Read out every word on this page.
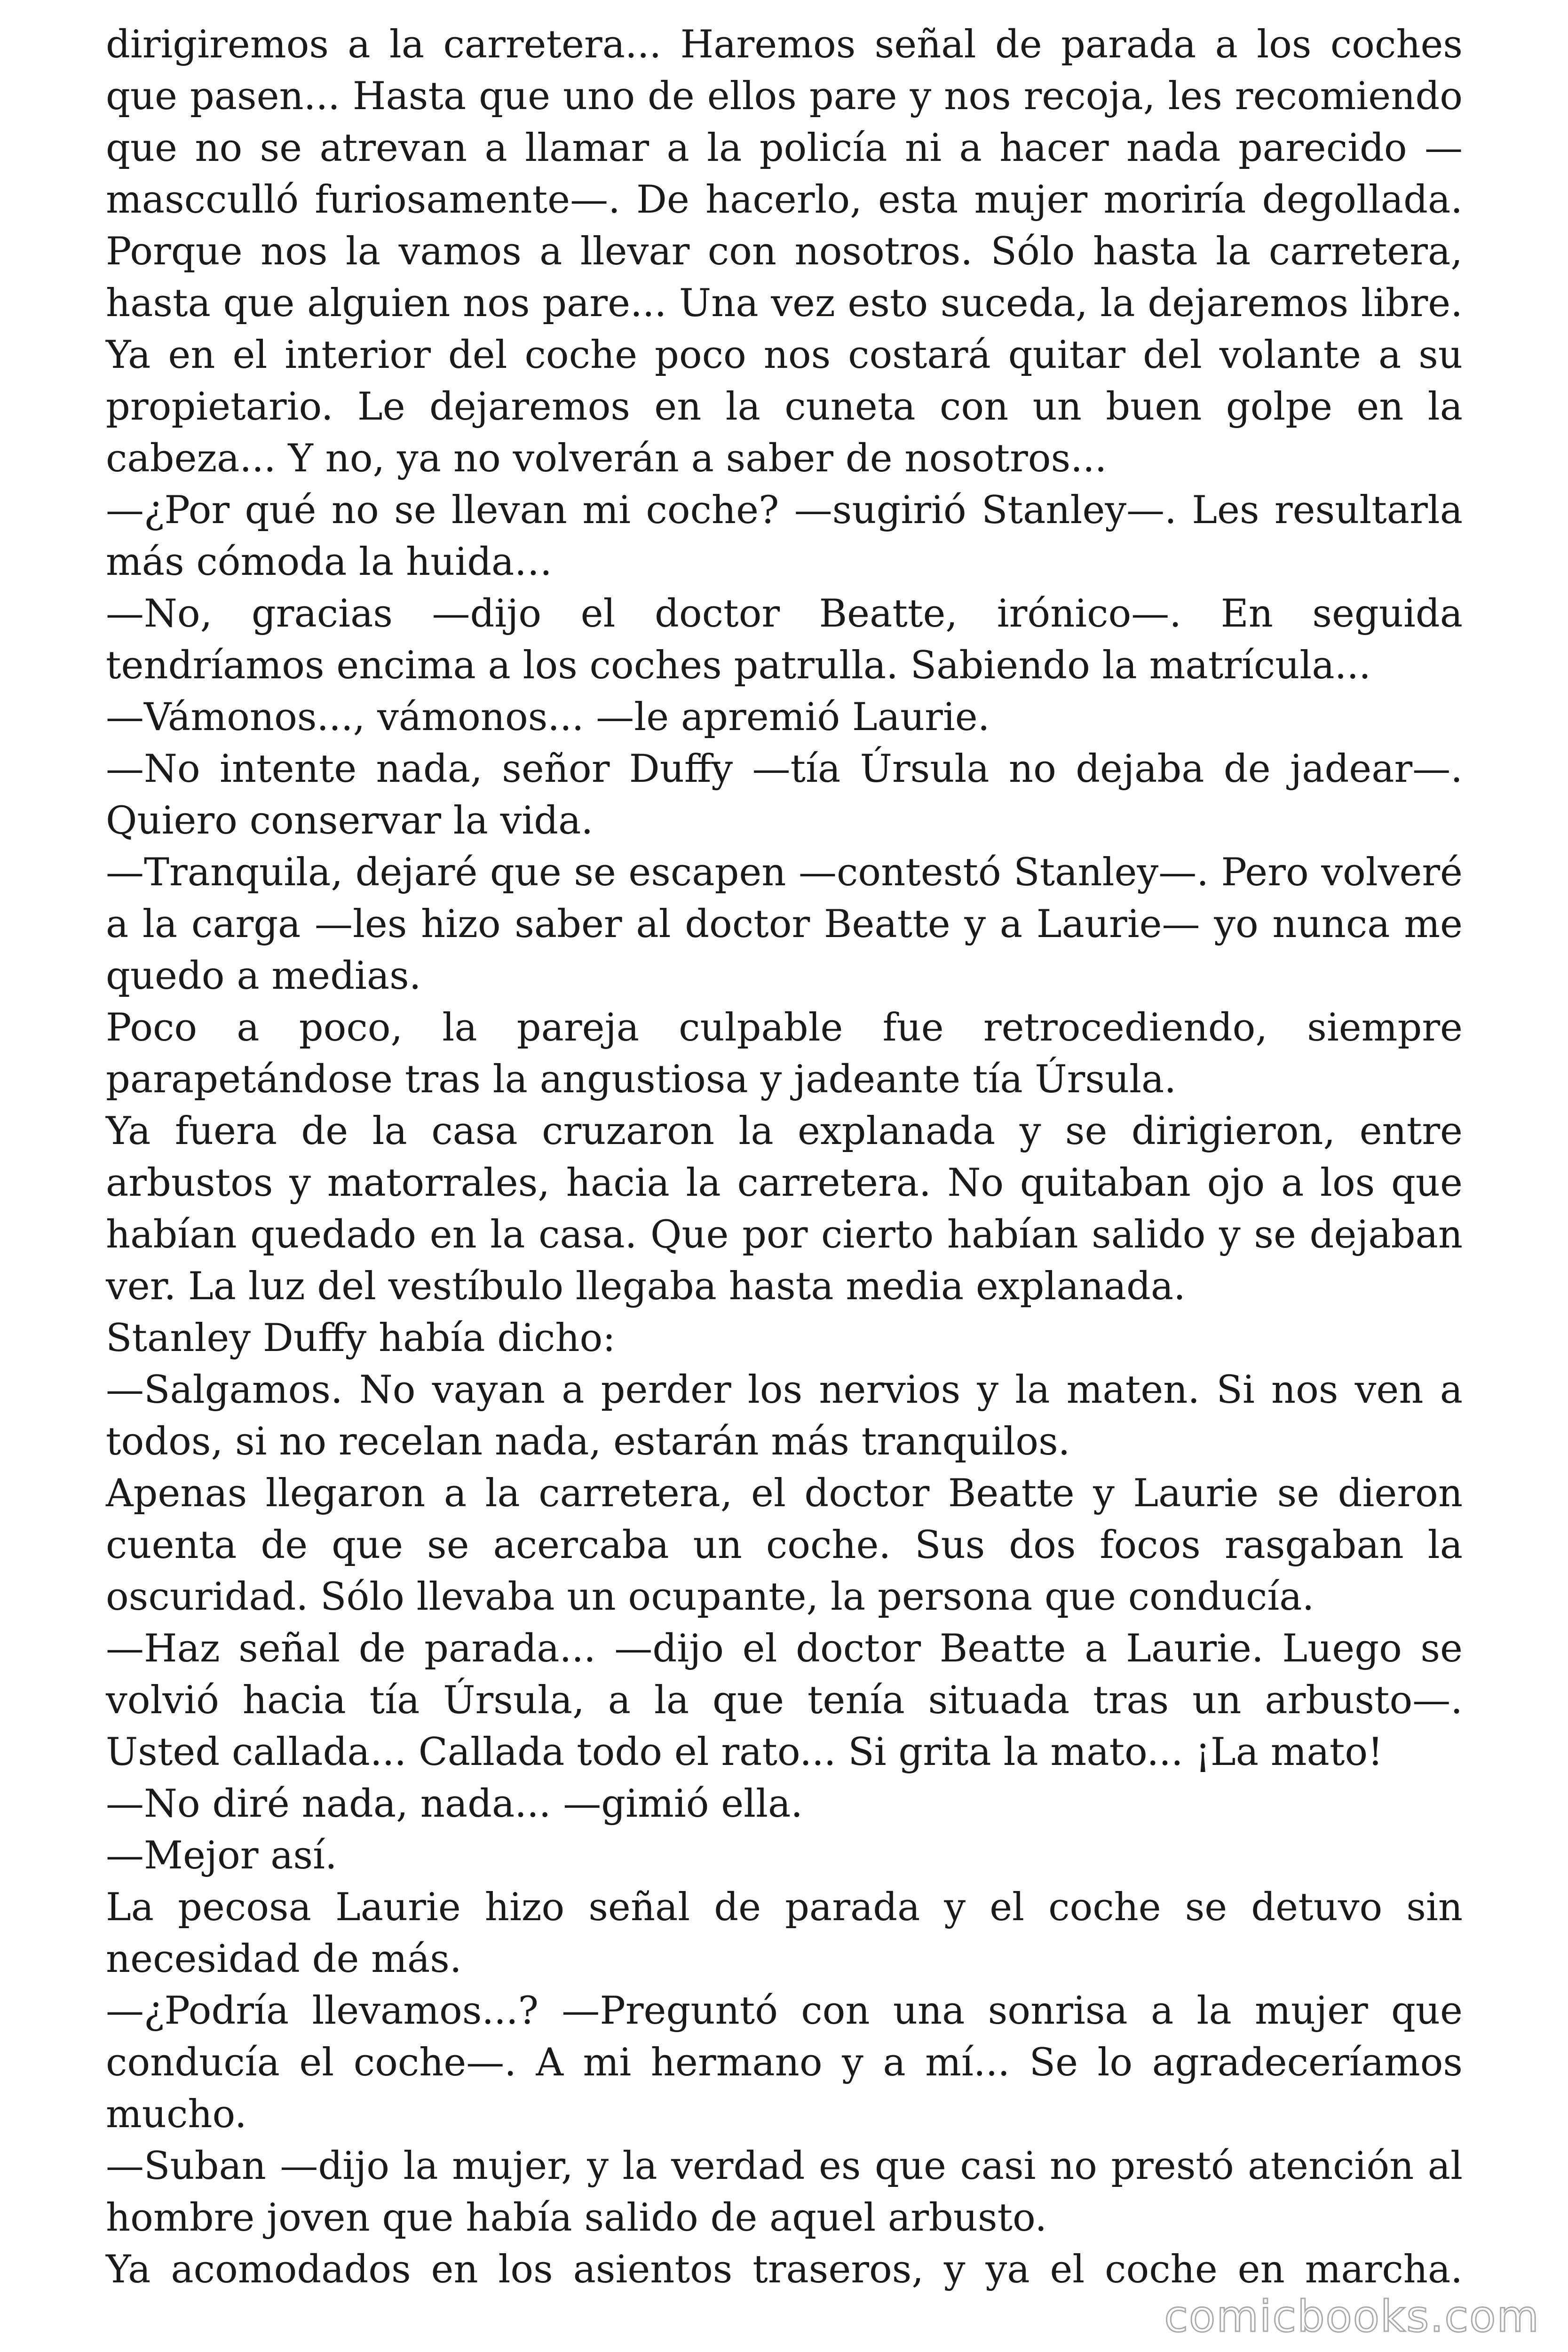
dirigiremos a la carretera... Haremos señal de parada a los coches que pasen... Hasta que uno de ellos pare y nos recoja, les recomiendo que no se atrevan a llamar a la policía ni a hacer nada parecido — mascculló furiosamente—. De hacerlo, esta mujer moriría degollada. Porque nos la vamos a llevar con nosotros. Sólo hasta la carretera, hasta que alguien nos pare... Una vez esto suceda, la dejaremos libre. Ya en el interior del coche poco nos costará quitar del volante a su propietario. Le dejaremos en la cuneta con un buen golpe en la cabeza... Y no, ya no volverán a saber de nosotros...

—¿Por qué no se llevan mi coche? —sugirió Stanley—. Les resultarla más cómoda la huida…

—No, gracias —dijo el doctor Beatte, irónico—. En seguida tendríamos encima a los coches patrulla. Sabiendo la matrícula...

—Vámonos..., vámonos... —le apremió Laurie.

—No intente nada, señor Duffy —tía Úrsula no dejaba de jadear—. Quiero conservar la vida.

—Tranquila, dejaré que se escapen —contestó Stanley—. Pero volveré a la carga —les hizo saber al doctor Beatte y a Laurie— yo nunca me quedo a medias.

Poco a poco, la pareja culpable fue retrocediendo, siempre parapetándose tras la angustiosa y jadeante tía Úrsula.

Ya fuera de la casa cruzaron la explanada y se dirigieron, entre arbustos y matorrales, hacia la carretera. No quitaban ojo a los que habían quedado en la casa. Que por cierto habían salido y se dejaban ver. La luz del vestíbulo llegaba hasta media explanada.

Stanley Duffy había dicho:

—Salgamos. No vayan a perder los nervios y la maten. Si nos ven a todos, si no recelan nada, estarán más tranquilos.

Apenas llegaron a la carretera, el doctor Beatte y Laurie se dieron cuenta de que se acercaba un coche. Sus dos focos rasgaban la oscuridad. Sólo llevaba un ocupante, la persona que conducía.

—Haz señal de parada... —dijo el doctor Beatte a Laurie. Luego se volvió hacia tía Úrsula, a la que tenía situada tras un arbusto—. Usted callada... Callada todo el rato... Si grita la mato... ¡La mato!

—No diré nada, nada... —gimió ella.

—Mejor así.

La pecosa Laurie hizo señal de parada y el coche se detuvo sin necesidad de más.

—¿Podría llevamos...? —Preguntó con una sonrisa a la mujer que conducía el coche—. A mi hermano y a mí... Se lo agradeceríamos mucho.

—Suban —dijo la mujer, y la verdad es que casi no prestó atención al hombre joven que había salido de aquel arbusto.

Ya acomodados en los asientos traseros, y ya el coche en marcha.

comicbooks.com
